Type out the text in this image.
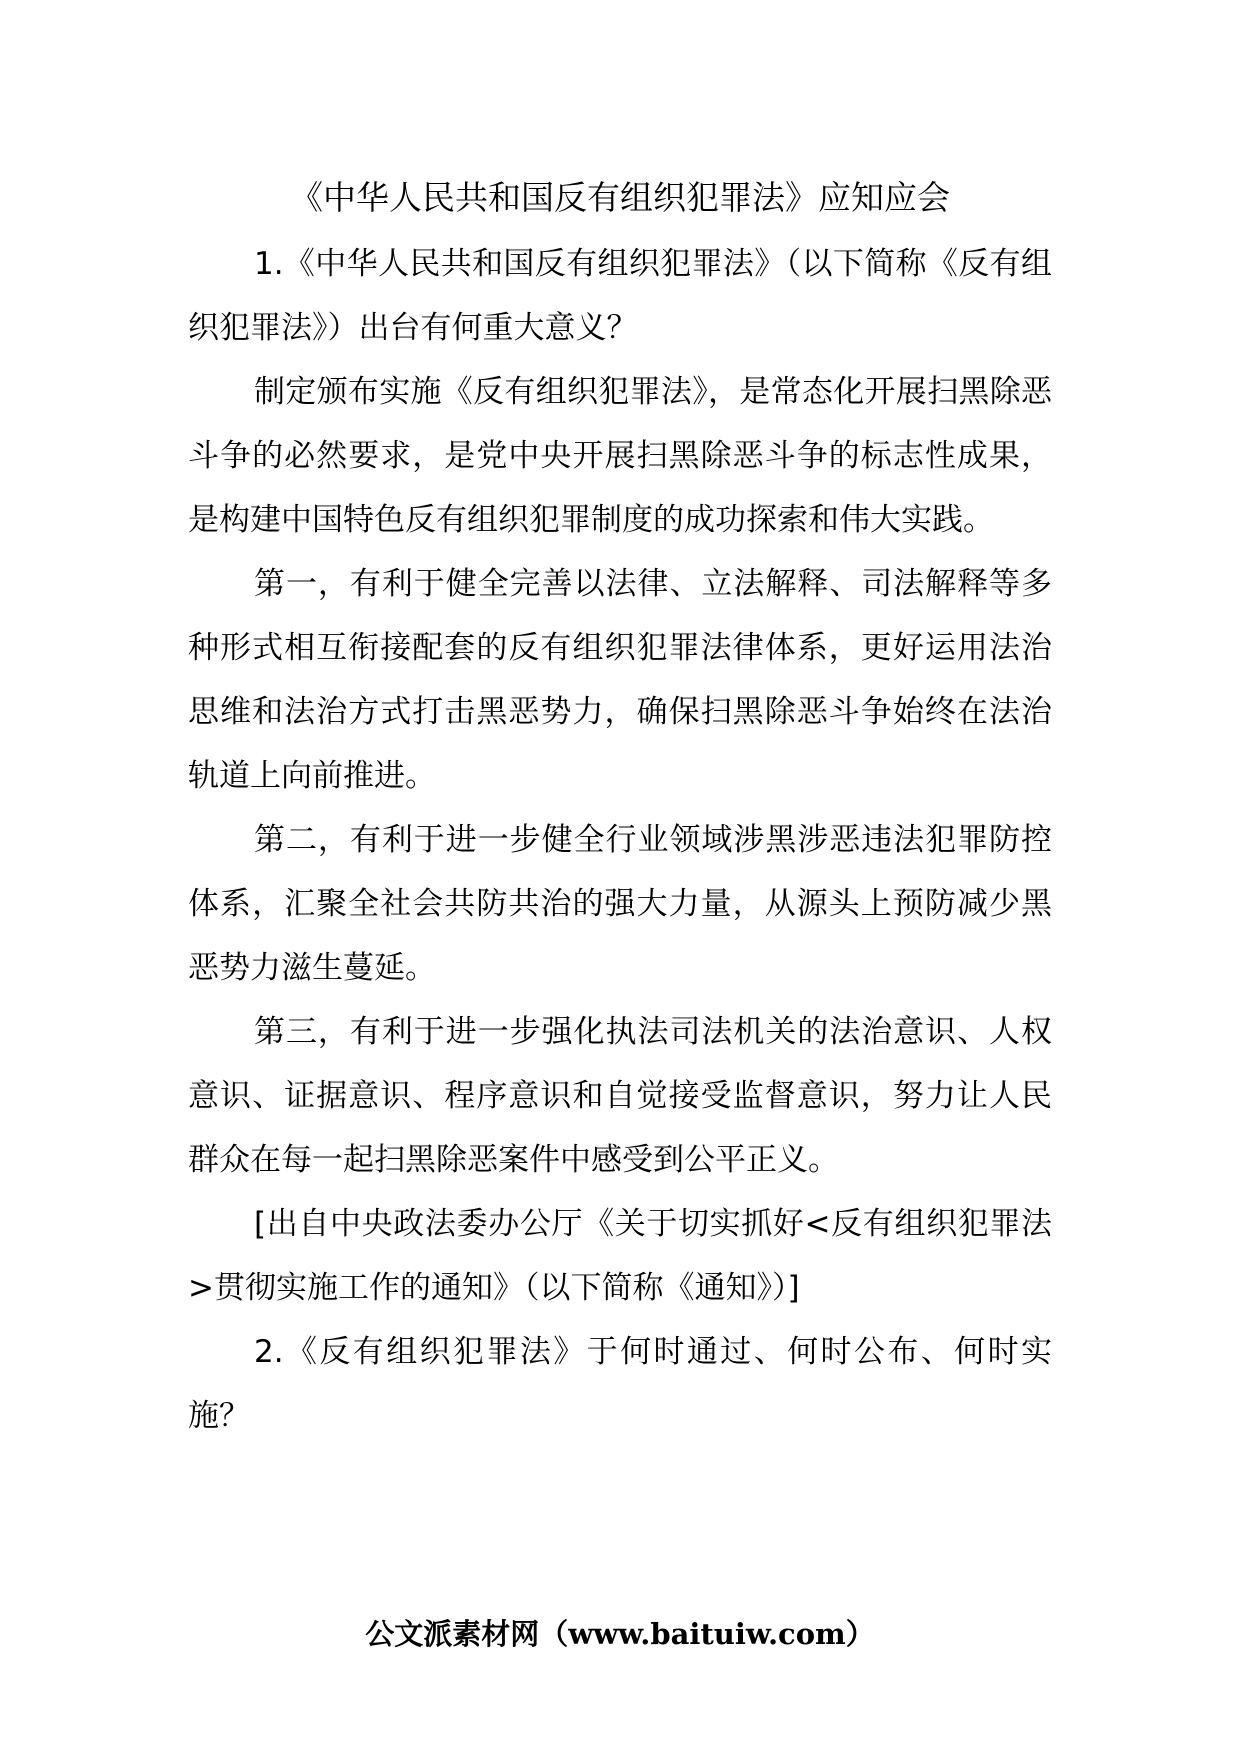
《中华人民共和国反有组织犯罪法》应知应会

1.《中华人民共和国反有组织犯罪法》（以下简称《反有组织犯罪法》）出台有何重大意义？

制定颁布实施《反有组织犯罪法》，是常态化开展扫黑除恶斗争的必然要求，是党中央开展扫黑除恶斗争的标志性成果，是构建中国特色反有组织犯罪制度的成功探索和伟大实践。

第一，有利于健全完善以法律、立法解释、司法解释等多种形式相互衔接配套的反有组织犯罪法律体系，更好运用法治思维和法治方式打击黑恶势力，确保扫黑除恶斗争始终在法治轨道上向前推进。

第二，有利于进一步健全行业领域涉黑涉恶违法犯罪防控体系，汇聚全社会共防共治的强大力量，从源头上预防减少黑恶势力滋生蔓延。

第三，有利于进一步强化执法司法机关的法治意识、人权意识、证据意识、程序意识和自觉接受监督意识，努力让人民群众在每一起扫黑除恶案件中感受到公平正义。

[出自中央政法委办公厅《关于切实抓好<反有组织犯罪法>贯彻实施工作的通知》（以下简称《通知》）]

2.《反有组织犯罪法》于何时通过、何时公布、何时实施？

公文派素材网（www.baituiw.com）
